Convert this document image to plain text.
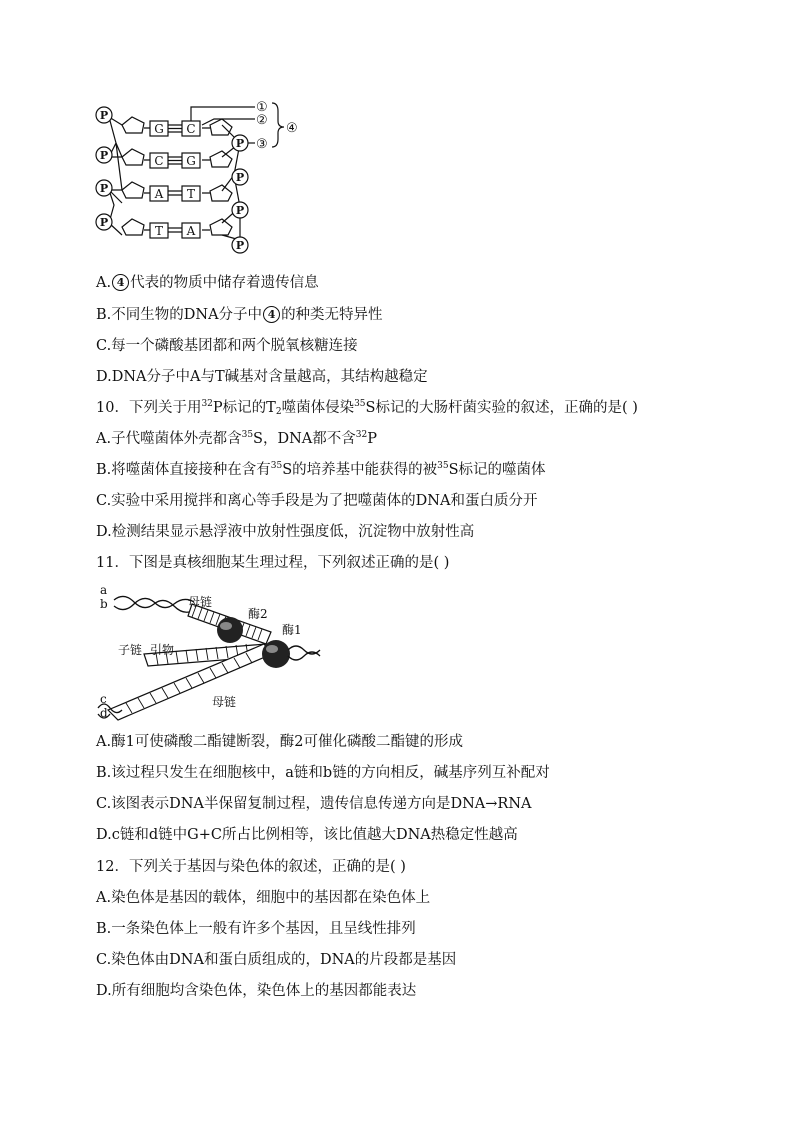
P
P
P
P
P
P
P
P
G C
C G
A T
T A
①
②
③
④
A. 4 代表的物质中储存着遗传信息
B.不同生物的DNA分子中 4 的种类无特异性
C.每一个磷酸基团都和两个脱氧核糖连接
D.DNA分子中A与T碱基对含量越高，其结构越稳定
10．下列关于用$^{32}$P标记的$T_2$噬菌体侵染$^{35}$S标记的大肠杆菌实验的叙述，正确的是( )
A.子代噬菌体外壳都含$^{35}$S，DNA都不含$^{32}$P
B.将噬菌体直接接种在含有$^{35}$S的培养基中能获得的被$^{35}$S标记的噬菌体
C.实验中采用搅拌和离心等手段是为了把噬菌体的DNA和蛋白质分开
D.检测结果显示悬浮液中放射性强度低，沉淀物中放射性高
11．下图是真核细胞某生理过程，下列叙述正确的是( )
a
b
c
d
母链
酶2
酶1
子链 引物
母链
A.酶1可使磷酸二酯键断裂，酶2可催化磷酸二酯键的形成
B.该过程只发生在细胞核中，a链和b链的方向相反，碱基序列互补配对
C.该图表示DNA半保留复制过程，遗传信息传递方向是DNA→RNA
D.c链和d链中G+C所占比例相等，该比值越大DNA热稳定性越高
12．下列关于基因与染色体的叙述，正确的是( )
A.染色体是基因的载体，细胞中的基因都在染色体上
B.一条染色体上一般有许多个基因，且呈线性排列
C.染色体由DNA和蛋白质组成的，DNA的片段都是基因
D.所有细胞均含染色体，染色体上的基因都能表达
